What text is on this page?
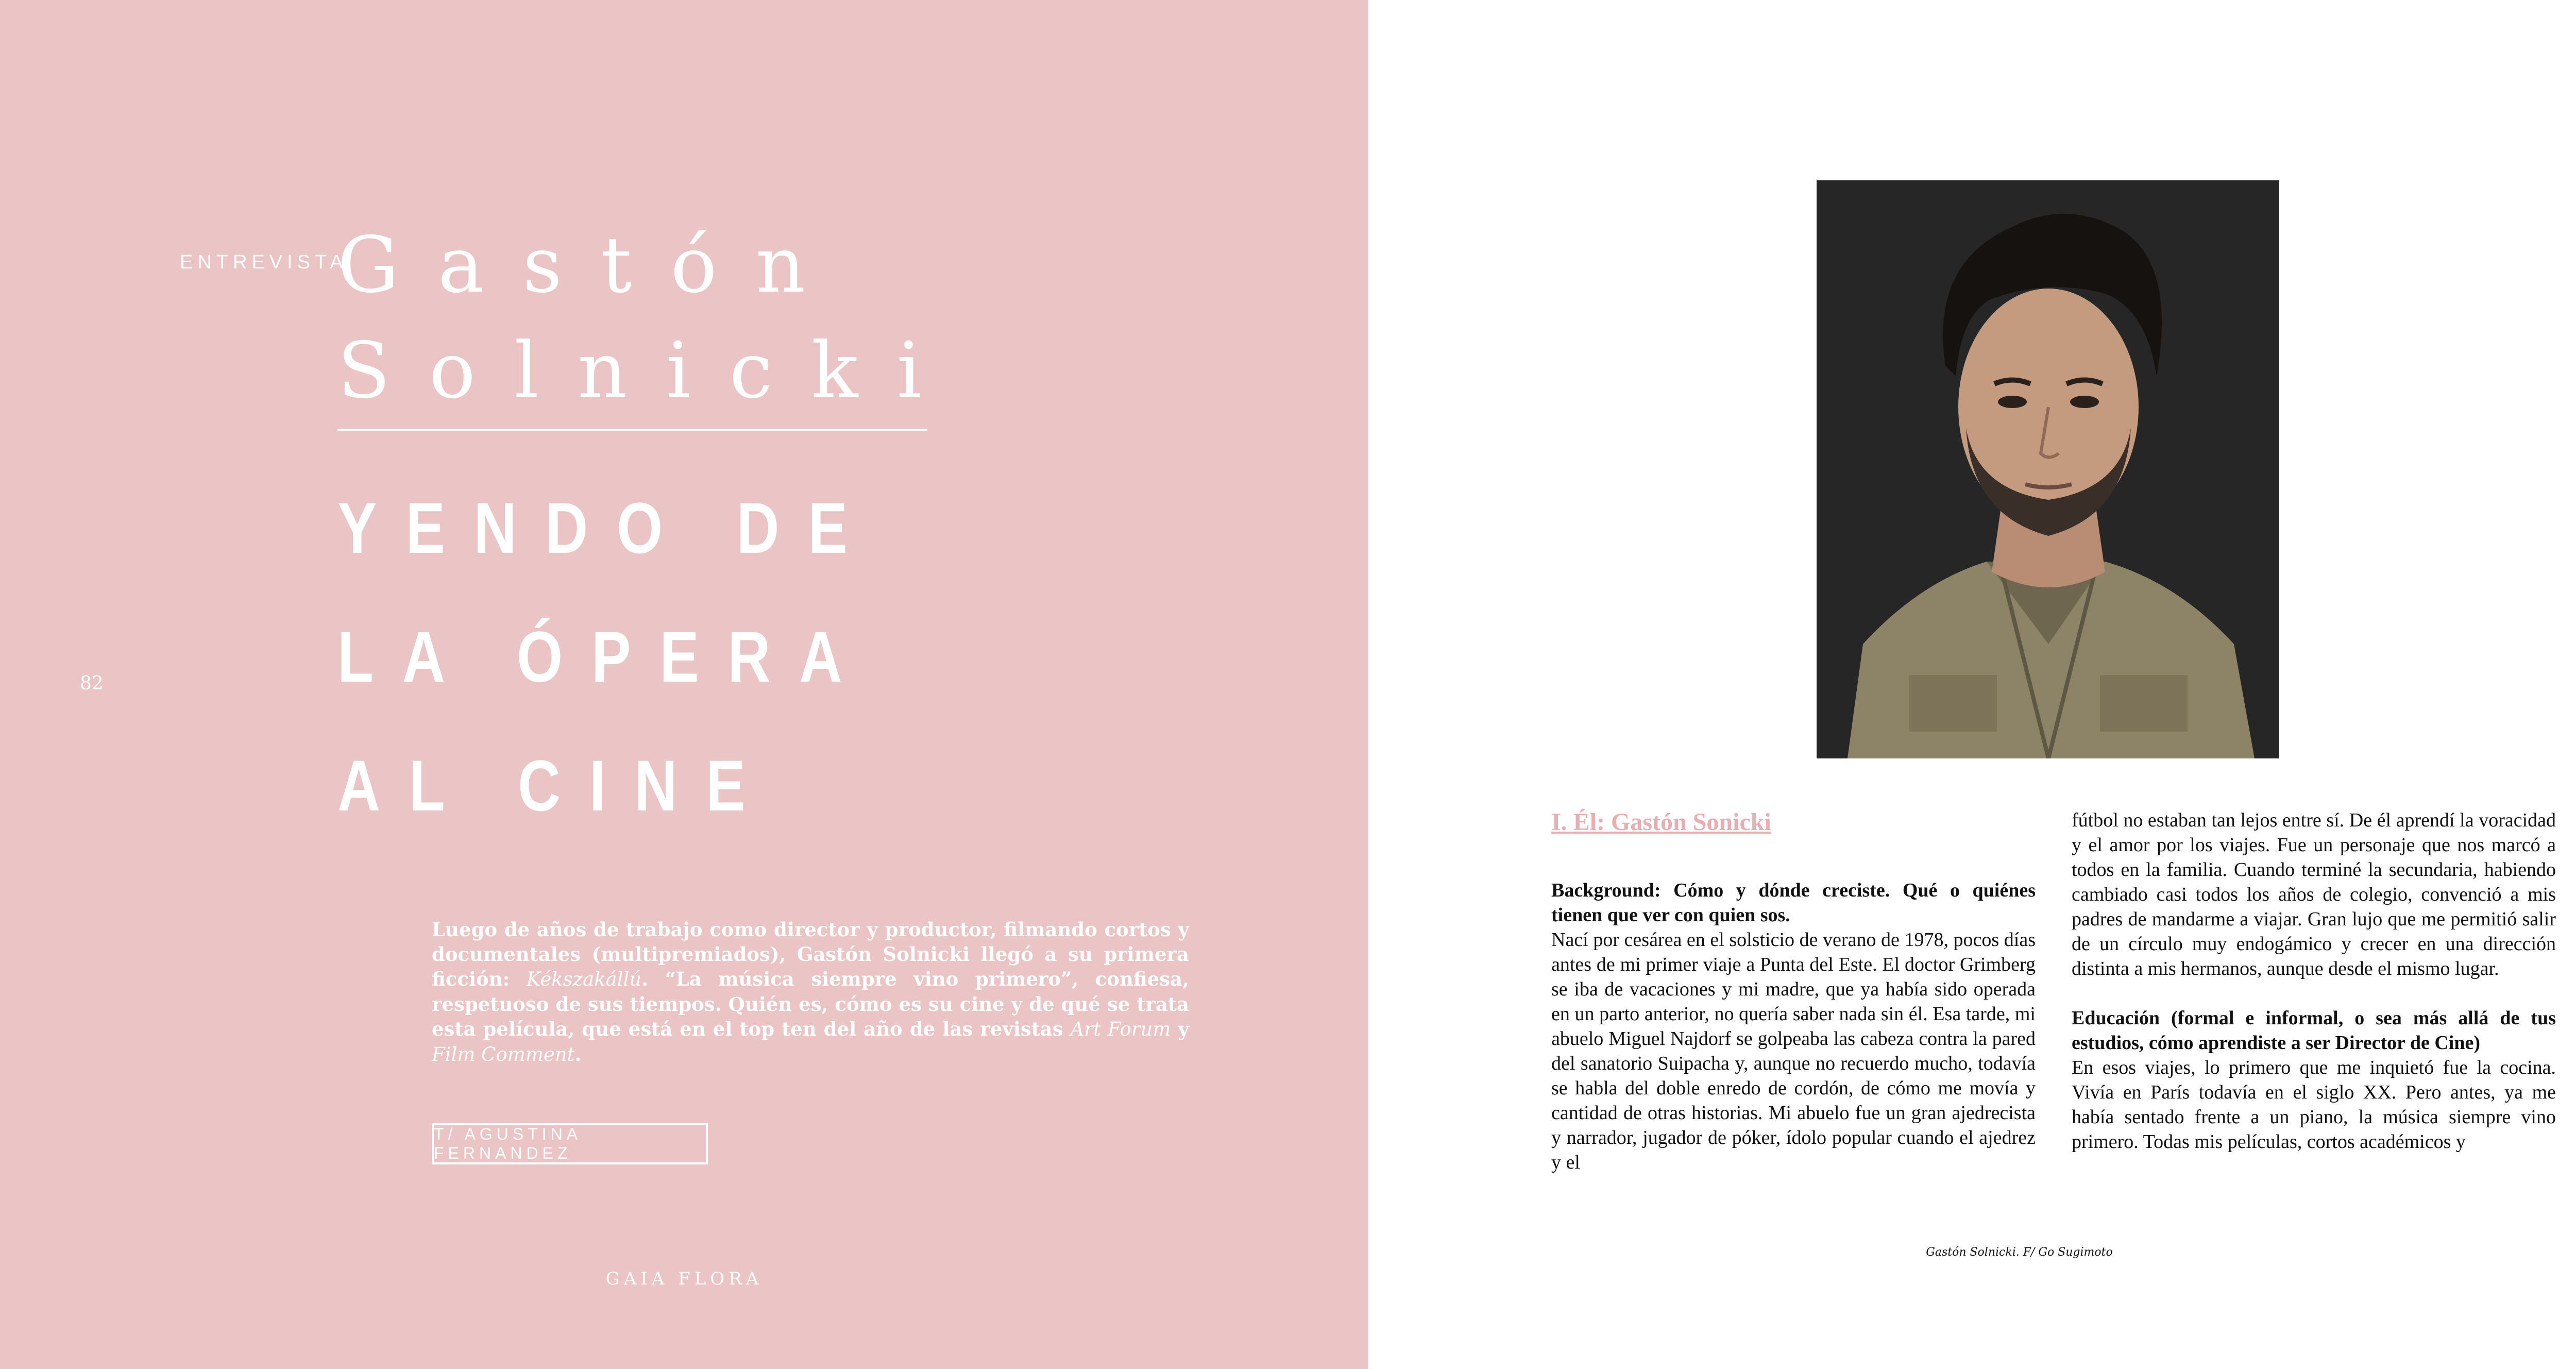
ENTREVISTA
Gastón
Solnicki
YENDO DE
LA ÓPERA
AL CINE
82
Luego de años de trabajo como director y productor, filmando cortos y documentales (multipremiados), Gastón Solnicki llegó a su primera ficción: Kékszakállú. “La música siempre vino primero”, confiesa, respetuoso de sus tiempos. Quién es, cómo es su cine y de qué se trata esta película, que está en el top ten del año de las revistas Art Forum y Film Comment.
T/ AGUSTINA FERNANDEZ
GAIA FLORA
Gastón Solnicki. F/ Go Sugimoto
I. Él: Gastón Sonicki
Background: Cómo y dónde creciste. Qué o quiénes tienen que ver con quien sos.
Nací por cesárea en el solsticio de verano de 1978, pocos días antes de mi primer viaje a Punta del Este. El doctor Grimberg se iba de vacaciones y mi madre, que ya había sido operada en un parto anterior, no quería saber nada sin él. Esa tarde, mi abuelo Miguel Najdorf se golpeaba las cabeza contra la pared del sanatorio Suipacha y, aunque no recuerdo mucho, todavía se habla del doble enredo de cordón, de cómo me movía y cantidad de otras historias. Mi abuelo fue un gran ajedrecista y narrador, jugador de póker, ídolo popular cuando el ajedrez y el
fútbol no estaban tan lejos entre sí. De él aprendí la voracidad y el amor por los viajes. Fue un personaje que nos marcó a todos en la familia. Cuando terminé la secundaria, habiendo cambiado casi todos los años de colegio, convenció a mis padres de mandarme a viajar. Gran lujo que me permitió salir de un círculo muy endogámico y crecer en una dirección distinta a mis hermanos, aunque desde el mismo lugar.
Educación (formal e informal, o sea más allá de tus estudios, cómo aprendiste a ser Director de Cine)
En esos viajes, lo primero que me inquietó fue la cocina. Vivía en París todavía en el siglo XX. Pero antes, ya me había sentado frente a un piano, la música siempre vino primero. Todas mis películas, cortos académicos y
